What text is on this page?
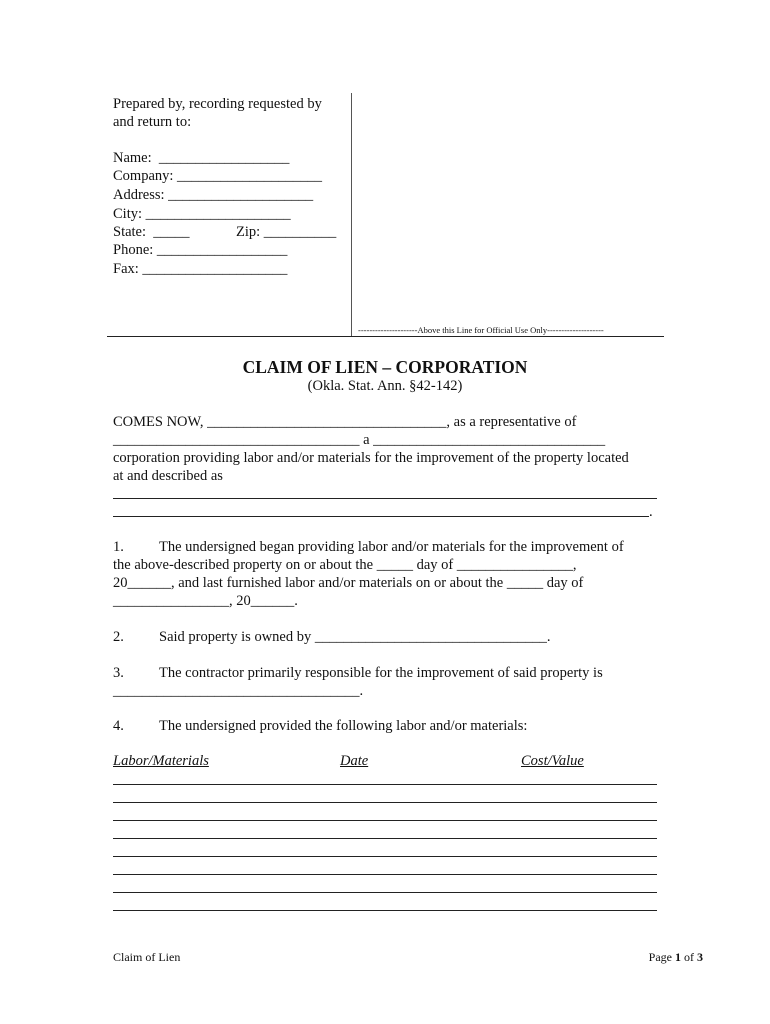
Prepared by, recording requested by
and return to:
Name:  __________________
Company: ____________________
Address: ____________________
City: ____________________
State:  _____	Zip: __________
Phone: __________________
Fax: ____________________
---------------------Above this Line for Official Use Only--------------------
CLAIM OF LIEN – CORPORATION
(Okla. Stat. Ann. §42-142)
COMES NOW, _________________________________, as a representative of
__________________________________ a ________________________________
corporation providing labor and/or materials for the improvement of the property located
at and described as
.
1. The undersigned began providing labor and/or materials for the improvement of
the above-described property on or about the _____ day of ________________,
20______, and last furnished labor and/or materials on or about the _____ day of
________________, 20______.
2. Said property is owned by ________________________________.
3. The contractor primarily responsible for the improvement of said property is
__________________________________.
4. The undersigned provided the following labor and/or materials:
Labor/Materials	Date	Cost/Value
Claim of Lien	Page 1 of 3
